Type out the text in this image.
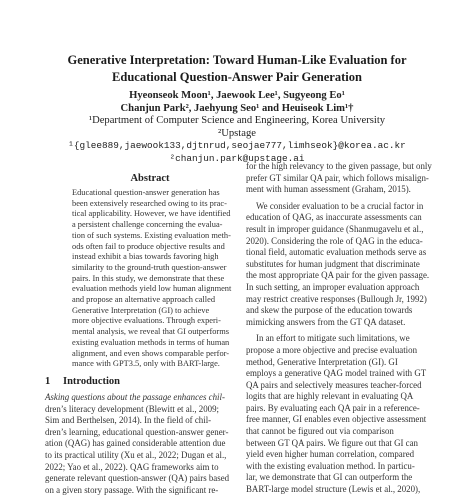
Generative Interpretation: Toward Human-Like Evaluation for
Educational Question-Answer Pair Generation
Hyeonseok Moon¹, Jaewook Lee¹, Sugyeong Eo¹
Chanjun Park², Jaehyung Seo¹ and Heuiseok Lim¹†
¹Department of Computer Science and Engineering, Korea University
²Upstage
¹{glee889,jaewook133,djtnrud,seojae777,limhseok}@korea.ac.kr
²chanjun.park@upstage.ai
Abstract
Educational question-answer generation has
been extensively researched owing to its prac-
tical applicability. However, we have identified
a persistent challenge concerning the evalua-
tion of such systems. Existing evaluation meth-
ods often fail to produce objective results and
instead exhibit a bias towards favoring high
similarity to the ground-truth question-answer
pairs. In this study, we demonstrate that these
evaluation methods yield low human alignment
and propose an alternative approach called
Generative Interpretation (GI) to achieve
more objective evaluations. Through experi-
mental analysis, we reveal that GI outperforms
existing evaluation methods in terms of human
alignment, and even shows comparable perfor-
mance with GPT3.5, only with BART-large.
1 Introduction
Asking questions about the passage enhances chil-
dren’s literacy development (Blewitt et al., 2009;
Sim and Berthelsen, 2014). In the field of chil-
dren’s learning, educational question-answer gener-
ation (QAG) has gained considerable attention due
to its practical utility (Xu et al., 2022; Dugan et al.,
2022; Yao et al., 2022). QAG frameworks aim to
generate relevant question-answer (QA) pairs based
on a given story passage. With the significant re-
for the high relevancy to the given passage, but only
prefer GT similar QA pair, which follows misalign-
ment with human assessment (Graham, 2015).
We consider evaluation to be a crucial factor in
education of QAG, as inaccurate assessments can
result in improper guidance (Shanmugavelu et al.,
2020). Considering the role of QAG in the educa-
tional field, automatic evaluation methods serve as
substitutes for human judgment that discriminate
the most appropriate QA pair for the given passage.
In such setting, an improper evaluation approach
may restrict creative responses (Bullough Jr, 1992)
and skew the purpose of the education towards
mimicking answers from the GT QA dataset.
In an effort to mitigate such limitations, we
propose a more objective and precise evaluation
method, Generative Interpretation (GI). GI
employs a generative QAG model trained with GT
QA pairs and selectively measures teacher-forced
logits that are highly relevant in evaluating QA
pairs. By evaluating each QA pair in a reference-
free manner, GI enables even objective assessment
that cannot be figured out via comparison
between GT QA pairs. We figure out that GI can
yield even higher human correlation, compared
with the existing evaluation method. In particu-
lar, we demonstrate that GI can outperform the
BART-large model structure (Lewis et al., 2020),
